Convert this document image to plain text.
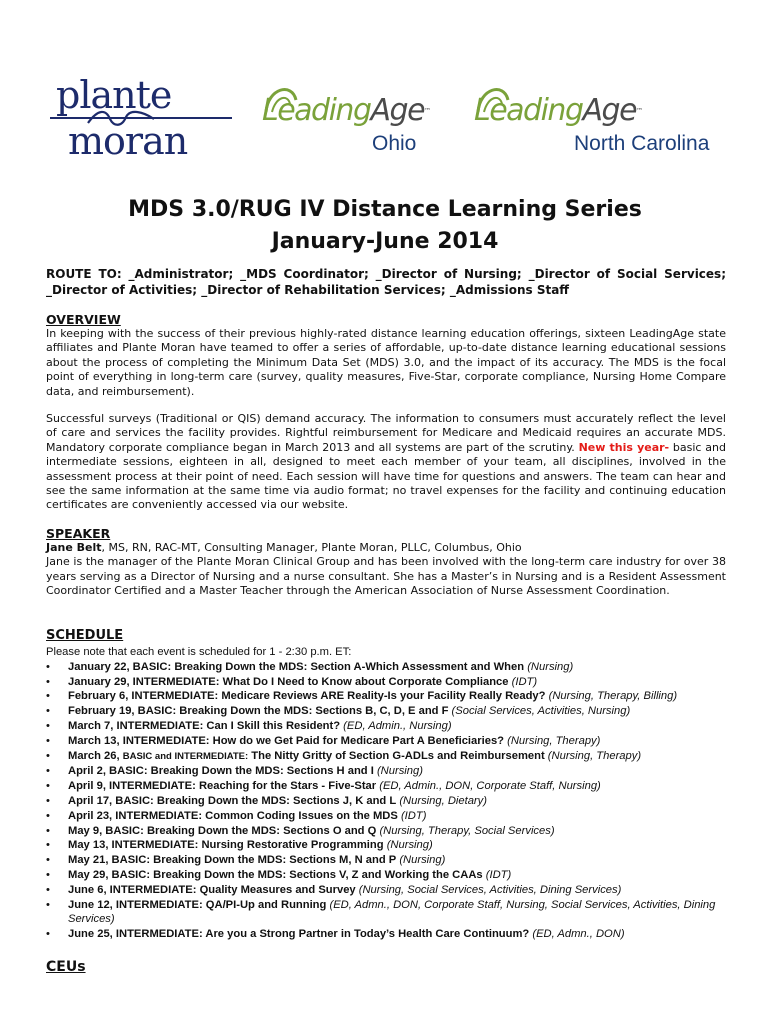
plante
moran
LeadingAge™
Ohio
LeadingAge™
North Carolina
MDS 3.0/RUG IV Distance Learning Series
January-June 2014
ROUTE TO: _Administrator; _MDS Coordinator; _Director of Nursing; _Director of Social Services; _Director of Activities; _Director of Rehabilitation Services; _Admissions Staff
OVERVIEW
In keeping with the success of their previous highly-rated distance learning education offerings, sixteen LeadingAge state affiliates and Plante Moran have teamed to offer a series of affordable, up-to-date distance learning educational sessions about the process of completing the Minimum Data Set (MDS) 3.0, and the impact of its accuracy. The MDS is the focal point of everything in long-term care (survey, quality measures, Five-Star, corporate compliance, Nursing Home Compare data, and reimbursement).
Successful surveys (Traditional or QIS) demand accuracy. The information to consumers must accurately reflect the level of care and services the facility provides. Rightful reimbursement for Medicare and Medicaid requires an accurate MDS. Mandatory corporate compliance began in March 2013 and all systems are part of the scrutiny. New this year- basic and intermediate sessions, eighteen in all, designed to meet each member of your team, all disciplines, involved in the assessment process at their point of need. Each session will have time for questions and answers. The team can hear and see the same information at the same time via audio format; no travel expenses for the facility and continuing education certificates are conveniently accessed via our website.
SPEAKER
Jane Belt, MS, RN, RAC-MT, Consulting Manager, Plante Moran, PLLC, Columbus, Ohio
Jane is the manager of the Plante Moran Clinical Group and has been involved with the long-term care industry for over 38 years serving as a Director of Nursing and a nurse consultant. She has a Master’s in Nursing and is a Resident Assessment Coordinator Certified and a Master Teacher through the American Association of Nurse Assessment Coordination.
SCHEDULE

Please note that each event is scheduled for 1 - 2:30 p.m. ET:

• January 22, BASIC: Breaking Down the MDS: Section A-Which Assessment and When (Nursing)
• January 29, INTERMEDIATE: What Do I Need to Know about Corporate Compliance (IDT)
• February 6, INTERMEDIATE: Medicare Reviews ARE Reality-Is your Facility Really Ready? (Nursing, Therapy, Billing)
• February 19, BASIC: Breaking Down the MDS: Sections B, C, D, E and F (Social Services, Activities, Nursing)
• March 7, INTERMEDIATE: Can I Skill this Resident? (ED, Admin., Nursing)
• March 13, INTERMEDIATE: How do we Get Paid for Medicare Part A Beneficiaries? (Nursing, Therapy)
• March 26, BASIC and INTERMEDIATE: The Nitty Gritty of Section G-ADLs and Reimbursement (Nursing, Therapy)
• April 2, BASIC: Breaking Down the MDS: Sections H and I (Nursing)
• April 9, INTERMEDIATE: Reaching for the Stars - Five-Star (ED, Admin., DON, Corporate Staff, Nursing)
• April 17, BASIC: Breaking Down the MDS: Sections J, K and L (Nursing, Dietary)
• April 23, INTERMEDIATE: Common Coding Issues on the MDS (IDT)
• May 9, BASIC: Breaking Down the MDS: Sections O and Q (Nursing, Therapy, Social Services)
• May 13, INTERMEDIATE: Nursing Restorative Programming (Nursing)
• May 21, BASIC: Breaking Down the MDS: Sections M, N and P (Nursing)
• May 29, BASIC: Breaking Down the MDS: Sections V, Z and Working the CAAs (IDT)
• June 6, INTERMEDIATE: Quality Measures and Survey (Nursing, Social Services, Activities, Dining Services)
• June 12, INTERMEDIATE: QA/PI-Up and Running (ED, Admn., DON, Corporate Staff, Nursing, Social Services, Activities, Dining Services)
• June 25, INTERMEDIATE: Are you a Strong Partner in Today’s Health Care Continuum? (ED, Admn., DON)
CEUs
